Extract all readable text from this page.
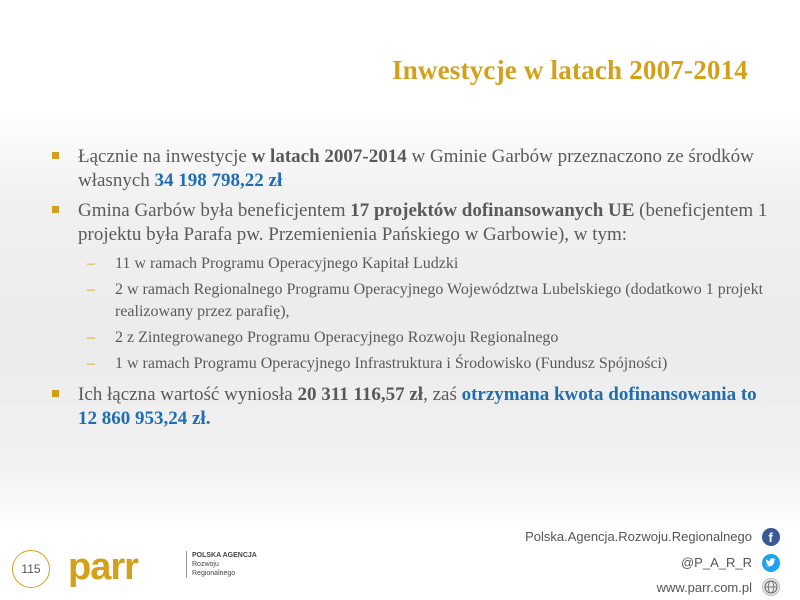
Inwestycje w latach 2007-2014
Łącznie na inwestycje w latach 2007-2014 w Gminie Garbów przeznaczono ze środków własnych 34 198 798,22 zł
Gmina Garbów była beneficjentem 17 projektów dofinansowanych UE (beneficjentem 1 projektu była Parafa pw. Przemienienia Pańskiego w Garbowie), w tym:
– 11 w ramach Programu Operacyjnego Kapitał Ludzki
– 2 w ramach Regionalnego Programu Operacyjnego Województwa Lubelskiego (dodatkowo 1 projekt realizowany przez parafię),
– 2 z Zintegrowanego Programu Operacyjnego Rozwoju Regionalnego
– 1 w ramach Programu Operacyjnego Infrastruktura i Środowisko (Fundusz Spójności)
Ich łączna wartość wyniosła 20 311 116,57 zł, zaś otrzymana kwota dofinansowania to 12 860 953,24 zł.
Polska.Agencja.Rozwoju.Regionalnego f
@P_A_R_R
www.parr.com.pl
115 parr	POLSKA AGENCJA
Rozwoju
Regionalnego
